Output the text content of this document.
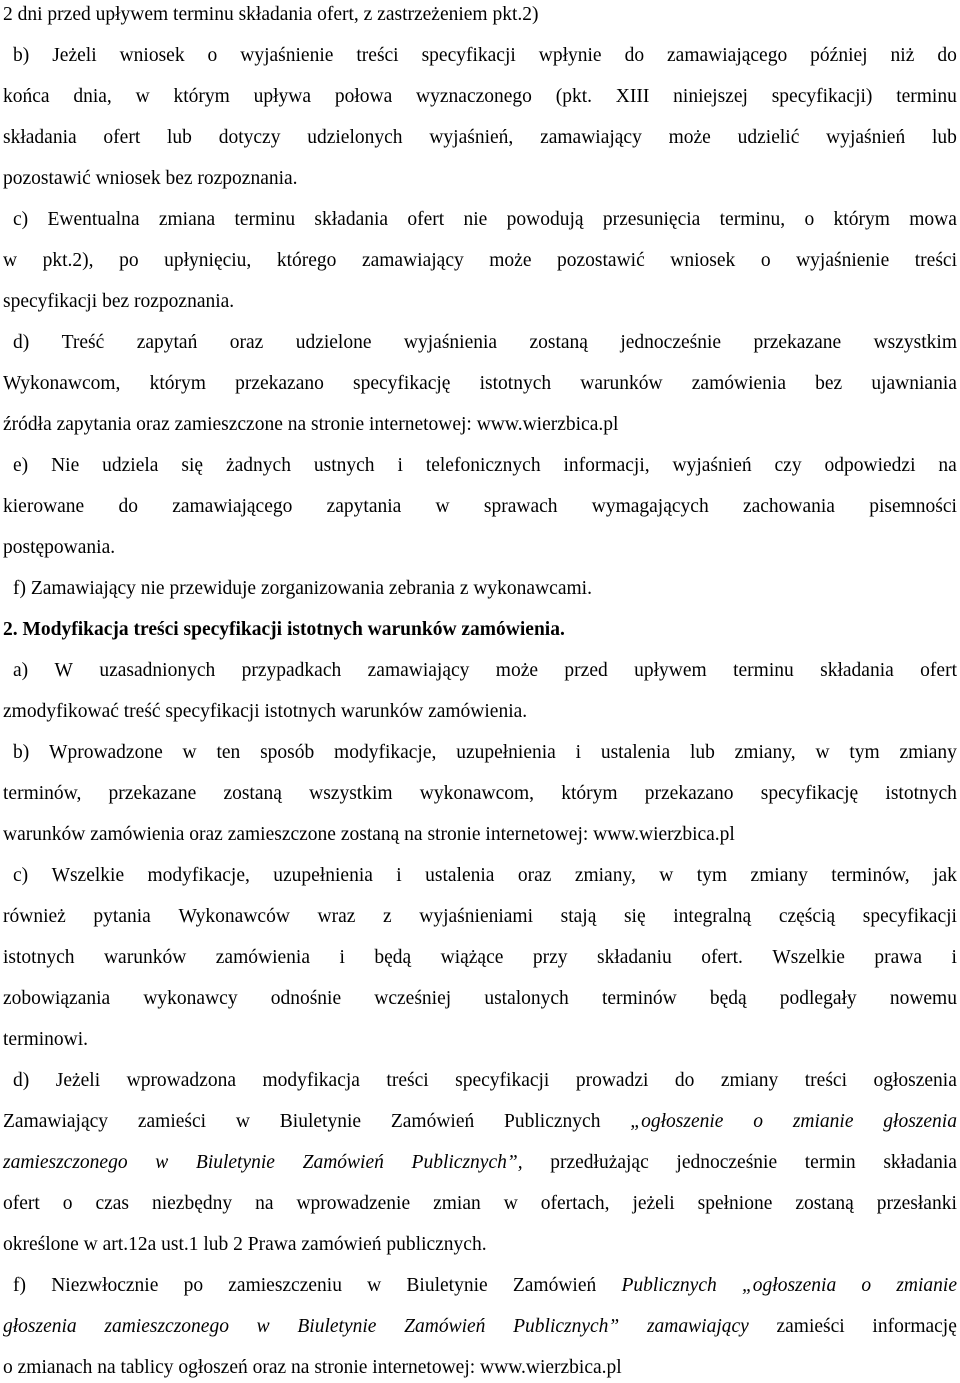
2 dni przed upływem terminu składania ofert, z zastrzeżeniem pkt.2)
b) Jeżeli wniosek o wyjaśnienie treści specyfikacji wpłynie do zamawiającego później niż do
końca dnia, w którym upływa połowa wyznaczonego (pkt. XIII niniejszej specyfikacji) terminu
składania ofert lub dotyczy udzielonych wyjaśnień, zamawiający może udzielić wyjaśnień lub
pozostawić wniosek bez rozpoznania.
c) Ewentualna zmiana terminu składania ofert nie powodują przesunięcia terminu, o którym mowa
w pkt.2), po upłynięciu, którego zamawiający może pozostawić wniosek o wyjaśnienie treści
specyfikacji bez rozpoznania.
d) Treść zapytań oraz udzielone wyjaśnienia zostaną jednocześnie przekazane wszystkim
Wykonawcom, którym przekazano specyfikację istotnych warunków zamówienia bez ujawniania
źródła zapytania oraz zamieszczone na stronie internetowej: www.wierzbica.pl
e) Nie udziela się żadnych ustnych i telefonicznych informacji, wyjaśnień czy odpowiedzi na
kierowane do zamawiającego zapytania w sprawach wymagających zachowania pisemności
postępowania.
f) Zamawiający nie przewiduje zorganizowania zebrania z wykonawcami.
2. Modyfikacja treści specyfikacji istotnych warunków zamówienia.
a) W uzasadnionych przypadkach zamawiający może przed upływem terminu składania ofert
zmodyfikować treść specyfikacji istotnych warunków zamówienia.
b) Wprowadzone w ten sposób modyfikacje, uzupełnienia i ustalenia lub zmiany, w tym zmiany
terminów, przekazane zostaną wszystkim wykonawcom, którym przekazano specyfikację istotnych
warunków zamówienia oraz zamieszczone zostaną na stronie internetowej: www.wierzbica.pl
c) Wszelkie modyfikacje, uzupełnienia i ustalenia oraz zmiany, w tym zmiany terminów, jak
również pytania Wykonawców wraz z wyjaśnieniami stają się integralną częścią specyfikacji
istotnych warunków zamówienia i będą wiążące przy składaniu ofert. Wszelkie prawa i
zobowiązania wykonawcy odnośnie wcześniej ustalonych terminów będą podlegały nowemu
terminowi.
d) Jeżeli wprowadzona modyfikacja treści specyfikacji prowadzi do zmiany treści ogłoszenia
Zamawiający zamieści w Biuletynie Zamówień Publicznych „ogłoszenie o zmianie głoszenia
zamieszczonego w Biuletynie Zamówień Publicznych”, przedłużając jednocześnie termin składania
ofert o czas niezbędny na wprowadzenie zmian w ofertach, jeżeli spełnione zostaną przesłanki
określone w art.12a ust.1 lub 2 Prawa zamówień publicznych.
f) Niezwłocznie po zamieszczeniu w Biuletynie Zamówień Publicznych „ogłoszenia o zmianie
głoszenia zamieszczonego w Biuletynie Zamówień Publicznych” zamawiający zamieści informację
o zmianach na tablicy ogłoszeń oraz na stronie internetowej: www.wierzbica.pl
